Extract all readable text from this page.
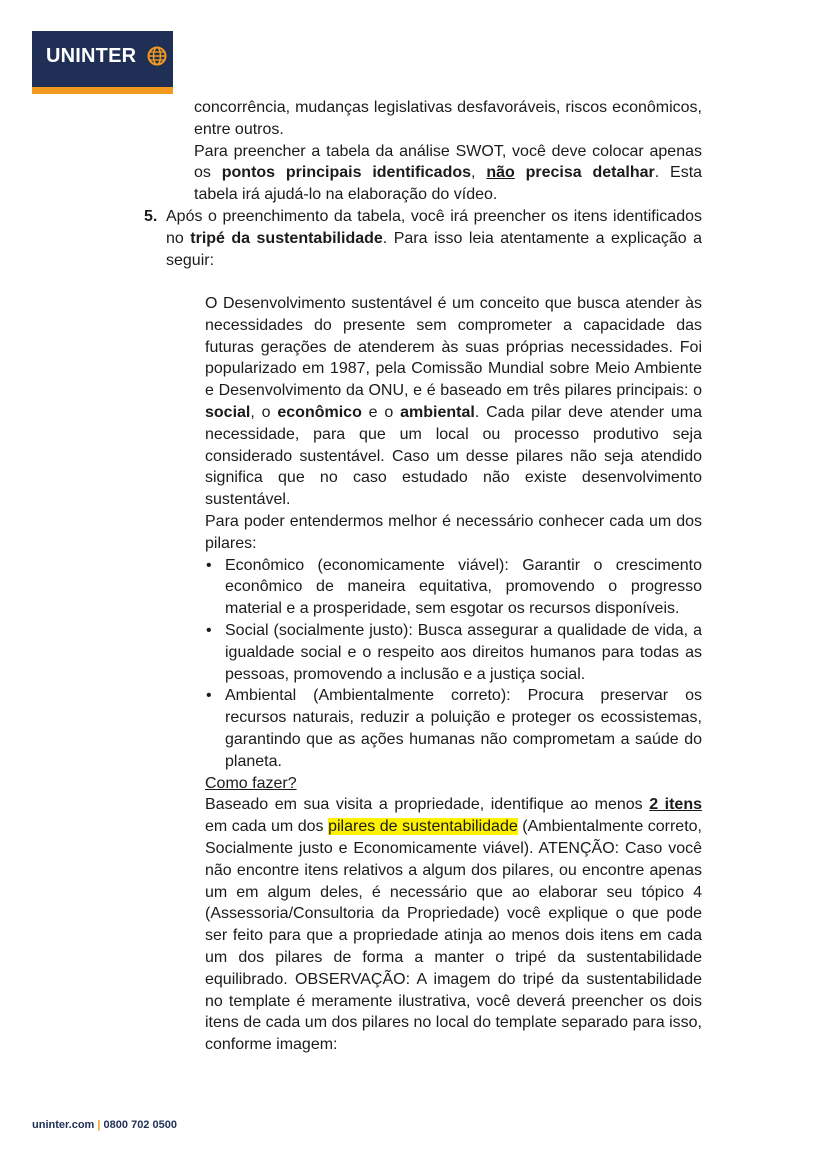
UNINTER

concorrência, mudanças legislativas desfavoráveis, riscos econômicos, entre outros.

Para preencher a tabela da análise SWOT, você deve colocar apenas os pontos principais identificados, não precisa detalhar. Esta tabela irá ajudá-lo na elaboração do vídeo.

5. Após o preenchimento da tabela, você irá preencher os itens identificados no tripé da sustentabilidade. Para isso leia atentamente a explicação a seguir:

O Desenvolvimento sustentável é um conceito que busca atender às necessidades do presente sem comprometer a capacidade das futuras gerações de atenderem às suas próprias necessidades. Foi popularizado em 1987, pela Comissão Mundial sobre Meio Ambiente e Desenvolvimento da ONU, e é baseado em três pilares principais: o social, o econômico e o ambiental. Cada pilar deve atender uma necessidade, para que um local ou processo produtivo seja considerado sustentável. Caso um desse pilares não seja atendido significa que no caso estudado não existe desenvolvimento sustentável.

Para poder entendermos melhor é necessário conhecer cada um dos pilares:

• Econômico (economicamente viável): Garantir o crescimento econômico de maneira equitativa, promovendo o progresso material e a prosperidade, sem esgotar os recursos disponíveis.
• Social (socialmente justo): Busca assegurar a qualidade de vida, a igualdade social e o respeito aos direitos humanos para todas as pessoas, promovendo a inclusão e a justiça social.
• Ambiental (Ambientalmente correto): Procura preservar os recursos naturais, reduzir a poluição e proteger os ecossistemas, garantindo que as ações humanas não comprometam a saúde do planeta.

Como fazer?

Baseado em sua visita a propriedade, identifique ao menos 2 itens em cada um dos pilares de sustentabilidade (Ambientalmente correto, Socialmente justo e Economicamente viável). ATENÇÃO: Caso você não encontre itens relativos a algum dos pilares, ou encontre apenas um em algum deles, é necessário que ao elaborar seu tópico 4 (Assessoria/Consultoria da Propriedade) você explique o que pode ser feito para que a propriedade atinja ao menos dois itens em cada um dos pilares de forma a manter o tripé da sustentabilidade equilibrado. OBSERVAÇÃO: A imagem do tripé da sustentabilidade no template é meramente ilustrativa, você deverá preencher os dois itens de cada um dos pilares no local do template separado para isso, conforme imagem:

uninter.com | 0800 702 0500
